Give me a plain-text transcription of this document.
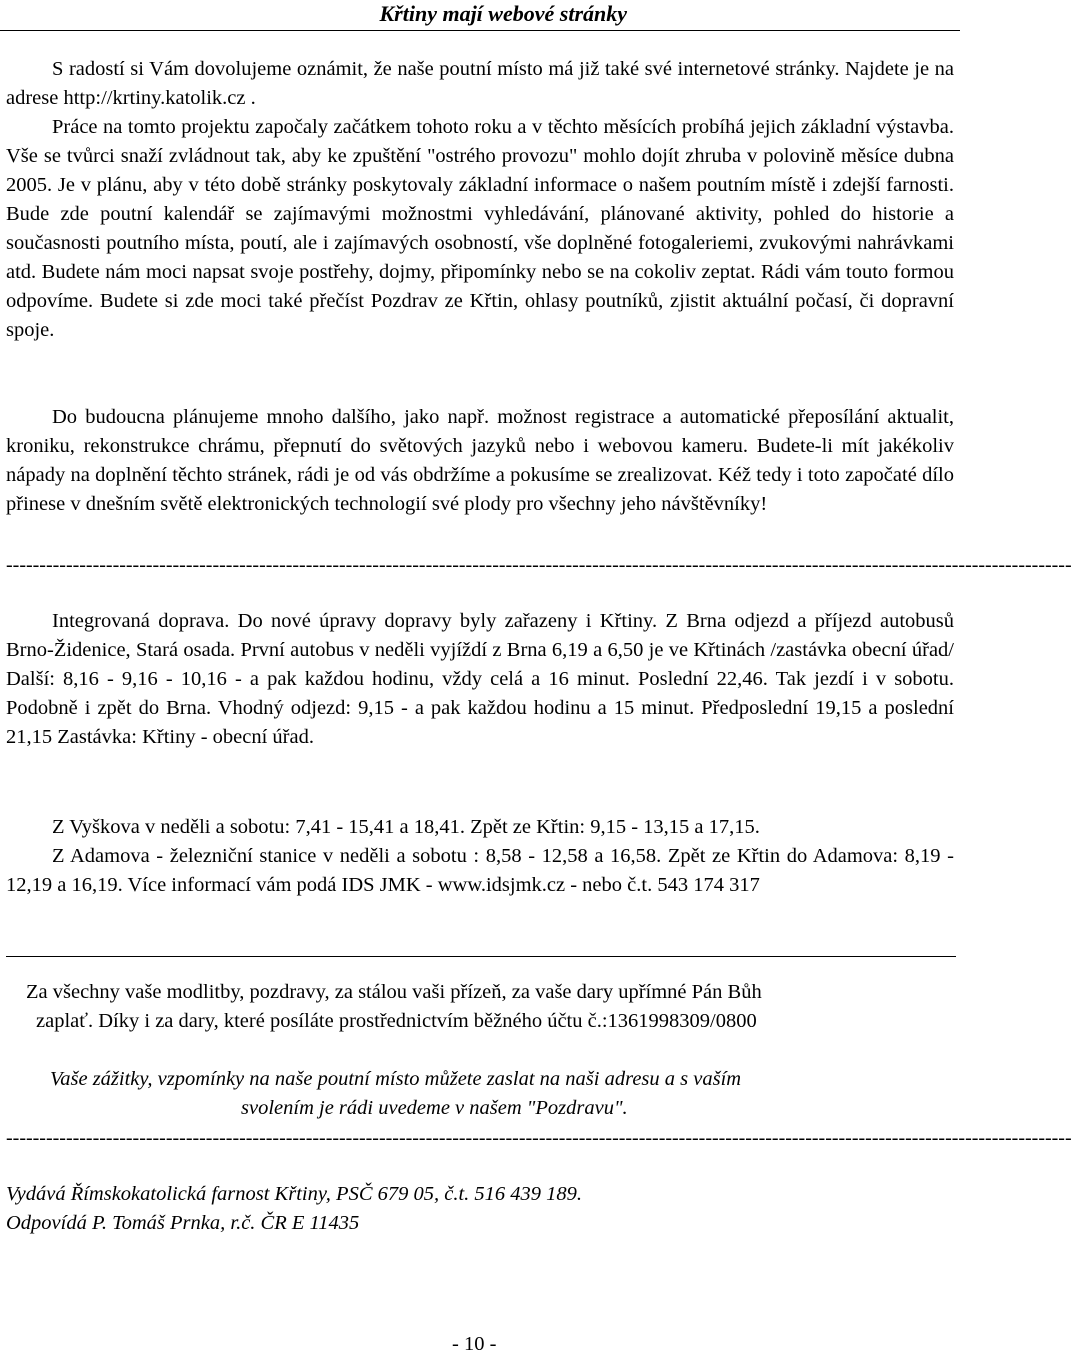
Křtiny mají webové stránky

S radostí si Vám dovolujeme oznámit, že naše poutní místo má již také své internetové stránky. Najdete je na adrese http://krtiny.katolik.cz .

Práce na tomto projektu započaly začátkem tohoto roku a v těchto měsících probíhá jejich základní výstavba. Vše se tvůrci snaží zvládnout tak, aby ke zpuštění "ostrého provozu" mohlo dojít zhruba v polovině měsíce dubna 2005. Je v plánu, aby v této době stránky poskytovaly základní informace o našem poutním místě i zdejší farnosti. Bude zde poutní kalendář se zajímavými možnostmi vyhledávání, plánované aktivity, pohled do historie a současnosti poutního místa, poutí, ale i zajímavých osobností, vše doplněné fotogaleriemi, zvukovými nahrávkami atd. Budete nám moci napsat svoje postřehy, dojmy, připomínky nebo se na cokoliv zeptat. Rádi vám touto formou odpovíme. Budete si zde moci také přečíst Pozdrav ze Křtin, ohlasy poutníků, zjistit aktuální počasí, či dopravní spoje.

Do budoucna plánujeme mnoho dalšího, jako např. možnost registrace a automatické přeposílání aktualit, kroniku, rekonstrukce chrámu, přepnutí do světových jazyků nebo i webovou kameru. Budete-li mít jakékoliv nápady na doplnění těchto stránek, rádi je od vás obdržíme a pokusíme se zrealizovat. Kéž tedy i toto započaté dílo přinese v dnešním světě elektronických technologií své plody pro všechny jeho návštěvníky!

----------------------------------------------------------------------------------------------------------------------------------------------------------------

Integrovaná doprava. Do nové úpravy dopravy byly zařazeny i Křtiny. Z Brna odjezd a příjezd autobusů Brno-Židenice, Stará osada. První autobus v neděli vyjíždí z Brna 6,19 a 6,50 je ve Křtinách /zastávka obecní úřad/ Další: 8,16 - 9,16 - 10,16 - a pak každou hodinu, vždy celá a 16 minut. Poslední 22,46. Tak jezdí i v sobotu. Podobně i zpět do Brna. Vhodný odjezd: 9,15 - a pak každou hodinu a 15 minut. Předposlední 19,15 a poslední 21,15 Zastávka: Křtiny - obecní úřad.

Z Vyškova v neděli a sobotu: 7,41 - 15,41 a 18,41. Zpět ze Křtin: 9,15 - 13,15 a 17,15.

Z Adamova - železniční stanice v neděli a sobotu : 8,58 - 12,58 a 16,58. Zpět ze Křtin do Adamova: 8,19 - 12,19 a 16,19. Více informací vám podá IDS JMK - www.idsjmk.cz - nebo č.t. 543 174 317

Za všechny vaše modlitby, pozdravy, za stálou vaši přízeň, za vaše dary upřímné Pán Bůh
zaplať. Díky i za dary, které posíláte prostřednictvím běžného účtu č.:1361998309/0800
Vaše zážitky, vzpomínky na naše poutní místo můžete zaslat na naši adresu a s vaším
svolením je rádi uvedeme v našem "Pozdravu".
----------------------------------------------------------------------------------------------------------------------------------------------------------------
Vydává Římskokatolická farnost Křtiny, PSČ 679 05, č.t. 516 439 189.
Odpovídá P. Tomáš Prnka, r.č. ČR E 11435
- 10 -
